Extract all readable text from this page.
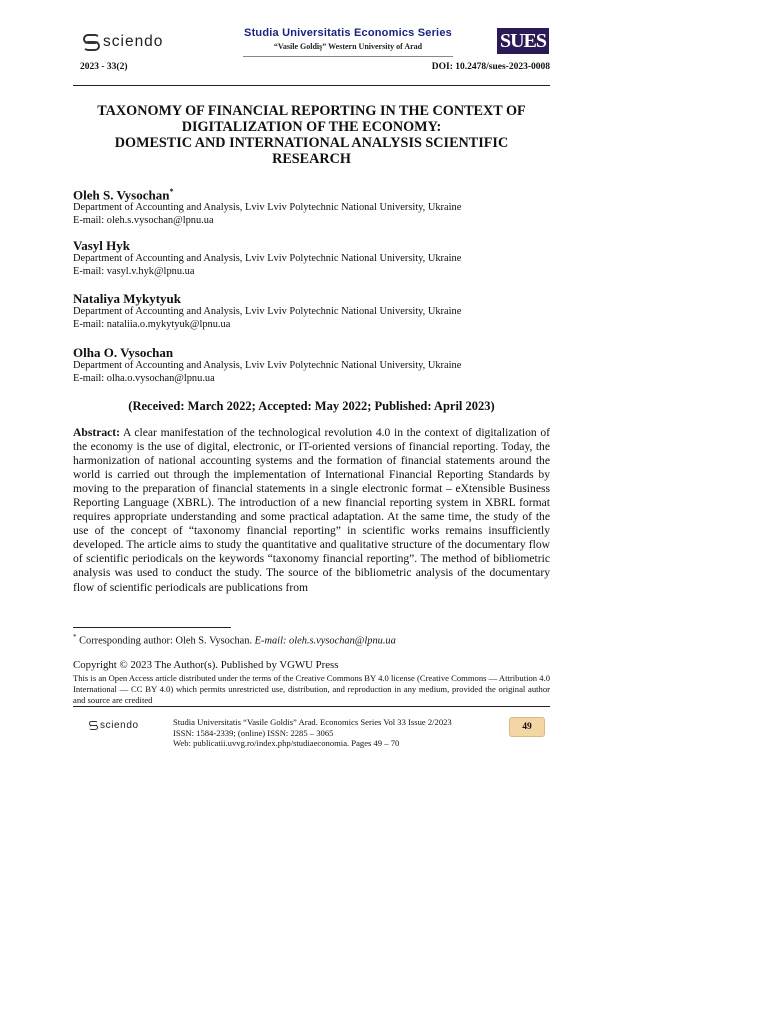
sciendo	Studia Universitatis Economics Series
“Vasile Goldiş” Western University of Arad	SUES
2023 - 33(2)	DOI: 10.2478/sues-2023-0008
TAXONOMY OF FINANCIAL REPORTING IN THE CONTEXT OF
DIGITALIZATION OF THE ECONOMY:
DOMESTIC AND INTERNATIONAL ANALYSIS SCIENTIFIC
RESEARCH
Oleh S. Vysochan*
Department of Accounting and Analysis, Lviv Lviv Polytechnic National University, Ukraine
E-mail: oleh.s.vysochan@lpnu.ua
Vasyl Hyk
Department of Accounting and Analysis, Lviv Lviv Polytechnic National University, Ukraine
E-mail: vasyl.v.hyk@lpnu.ua
Nataliya Mykytyuk
Department of Accounting and Analysis, Lviv Lviv Polytechnic National University, Ukraine
E-mail: nataliia.o.mykytyuk@lpnu.ua
Olha O. Vysochan
Department of Accounting and Analysis, Lviv Lviv Polytechnic National University, Ukraine
E-mail: olha.o.vysochan@lpnu.ua
(Received: March 2022; Accepted: May 2022; Published: April 2023)
Abstract: A clear manifestation of the technological revolution 4.0 in the context of digitalization of the economy is the use of digital, electronic, or IT-oriented versions of financial reporting. Today, the harmonization of national accounting systems and the formation of financial statements around the world is carried out through the implementation of International Financial Reporting Standards by moving to the preparation of financial statements in a single electronic format – eXtensible Business Reporting Language (XBRL). The introduction of a new financial reporting system in XBRL format requires appropriate understanding and some practical adaptation. At the same time, the study of the use of the concept of “taxonomy financial reporting” in scientific works remains insufficiently developed. The article aims to study the quantitative and qualitative structure of the documentary flow of scientific periodicals on the keywords “taxonomy financial reporting”. The method of bibliometric analysis was used to conduct the study. The source of the bibliometric analysis of the documentary flow of scientific periodicals are publications from
* Corresponding author: Oleh S. Vysochan. E-mail: oleh.s.vysochan@lpnu.ua
Copyright © 2023 The Author(s). Published by VGWU Press
This is an Open Access article distributed under the terms of the Creative Commons BY 4.0 license (Creative Commons — Attribution 4.0 International — CC BY 4.0) which permits unrestricted use, distribution, and reproduction in any medium, provided the original author and source are credited
sciendo	Studia Universitatis “Vasile Goldis” Arad. Economics Series Vol 33 Issue 2/2023
ISSN: 1584-2339; (online) ISSN: 2285 – 3065
Web: publicatii.uvvg.ro/index.php/studiaeconomia. Pages 49 – 70
49
